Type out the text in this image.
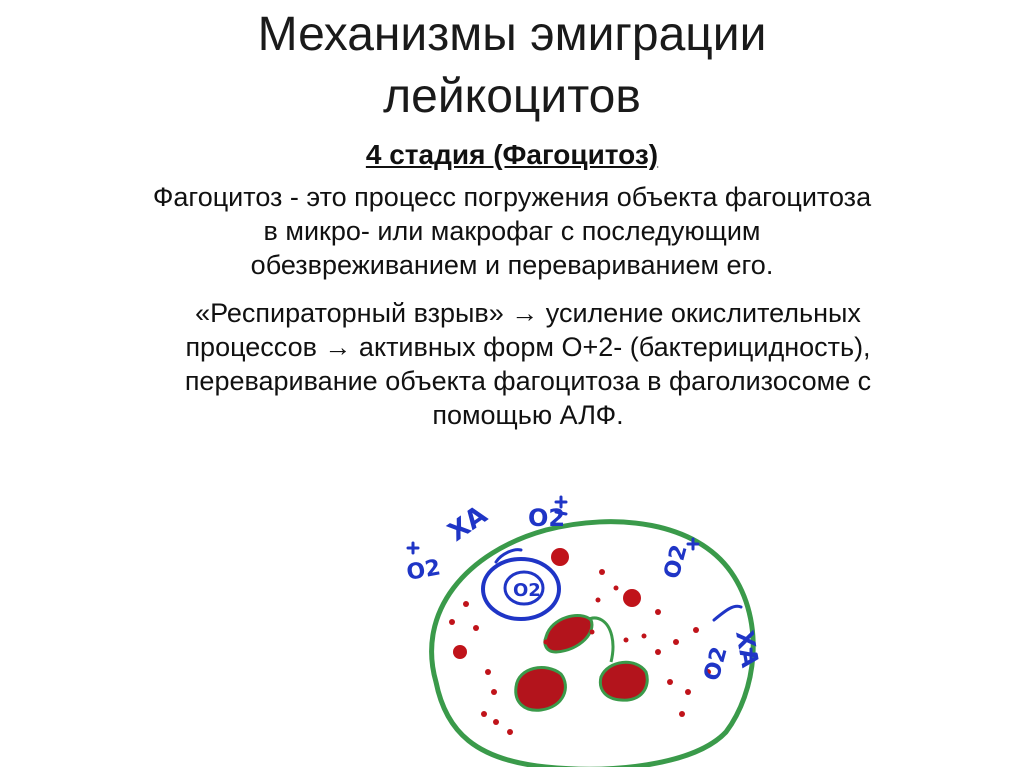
Механизмы эмиграции
лейкоцитов
4 стадия (Фагоцитоз)
Фагоцитоз - это процесс погружения объекта фагоцитоза
в микро- или макрофаг с последующим
обезвреживанием и перевариванием его.
«Респираторный взрыв» → усиление окислительных
процессов → активных форм О+2- (бактерицидность),
переваривание объекта фагоцитоза в фаголизосоме с
помощью АЛФ.
XA O2
O2
O2
O2
XA
O2
